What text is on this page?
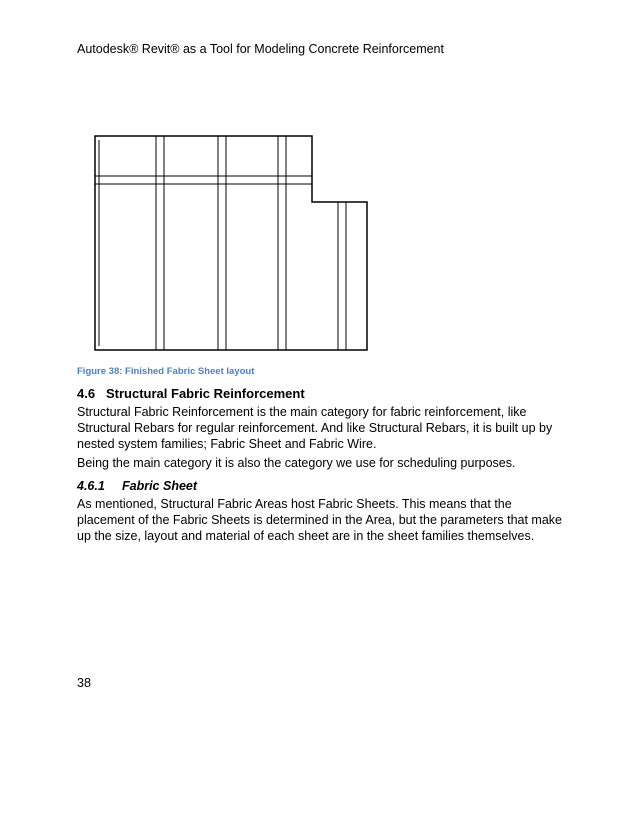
Autodesk® Revit® as a Tool for Modeling Concrete Reinforcement
Figure 38: Finished Fabric Sheet layout
4.6 Structural Fabric Reinforcement

Structural Fabric Reinforcement is the main category for fabric reinforcement, like Structural Rebars for regular reinforcement. And like Structural Rebars, it is built up by nested system families; Fabric Sheet and Fabric Wire.

Being the main category it is also the category we use for scheduling purposes.

4.6.1 Fabric Sheet

As mentioned, Structural Fabric Areas host Fabric Sheets. This means that the placement of the Fabric Sheets is determined in the Area, but the parameters that make up the size, layout and material of each sheet are in the sheet families themselves.

38
